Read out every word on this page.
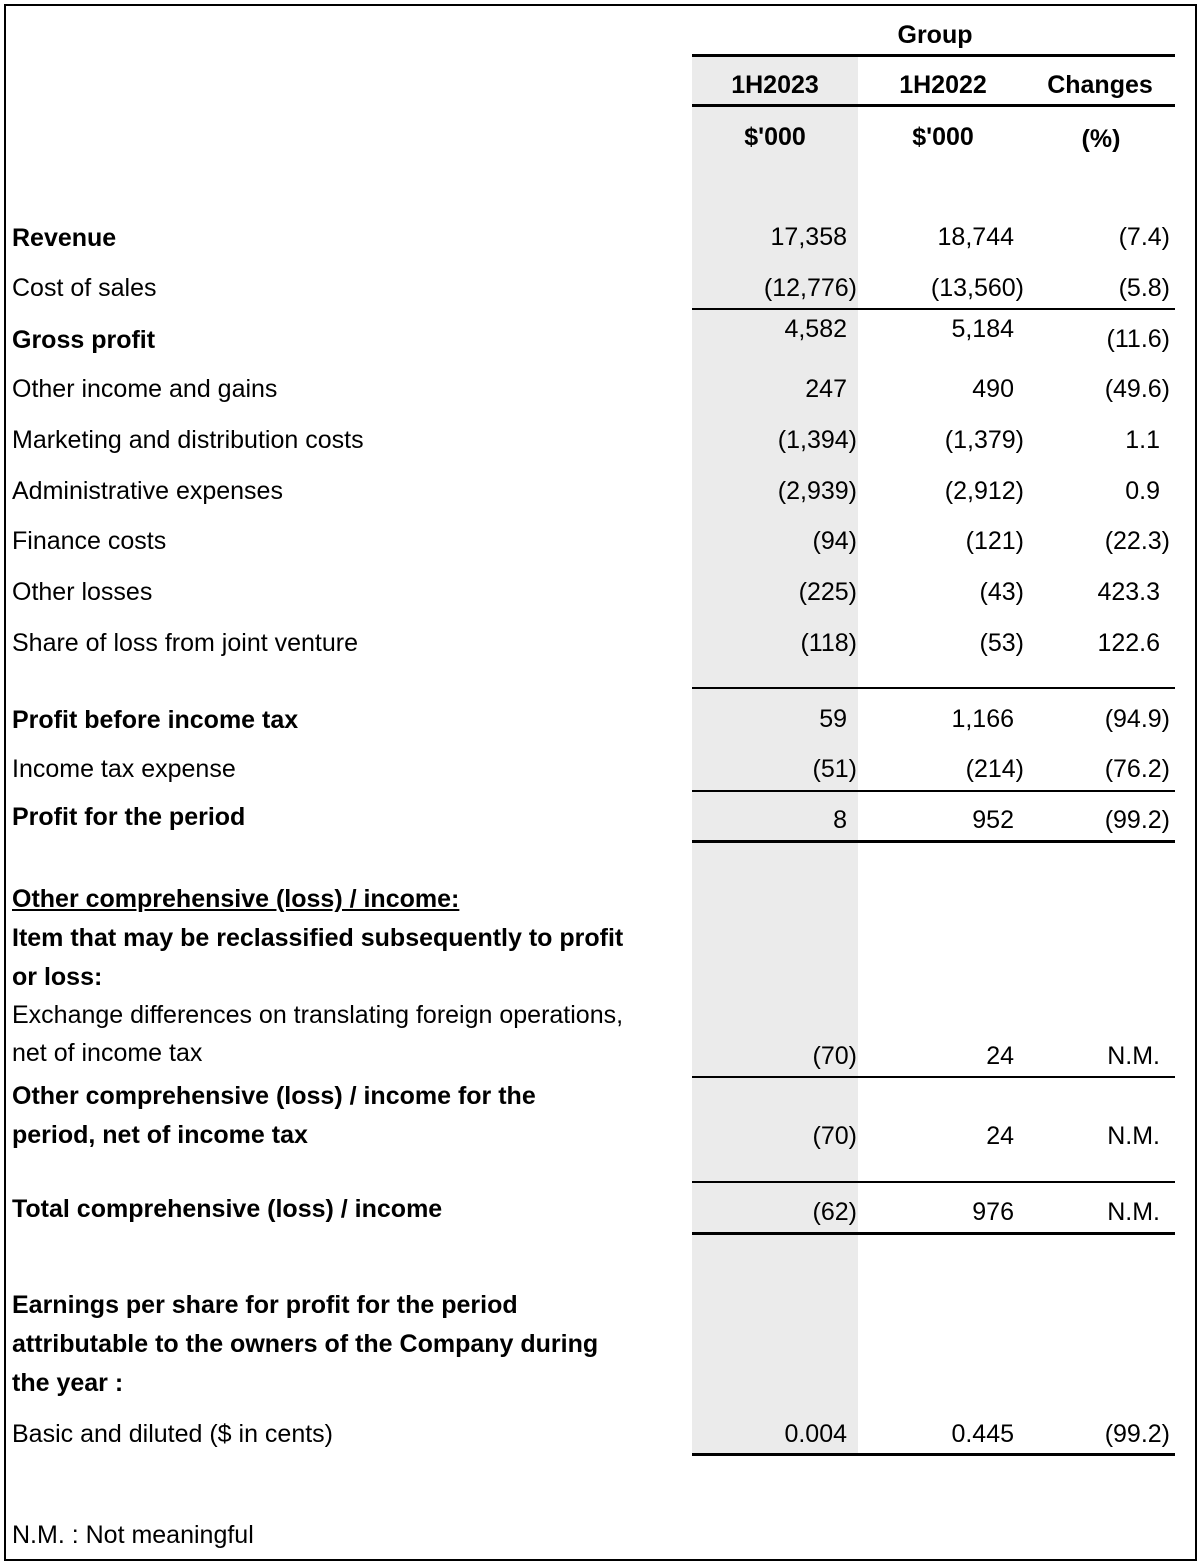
Group
1H2023	1H2022	Changes
$'000	$'000	(%)
Revenue	17,358	18,744	(7.4)
Cost of sales	(12,776)	(13,560)	(5.8)
Gross profit	4,582	5,184	(11.6)
Other income and gains	247	490	(49.6)
Marketing and distribution costs	(1,394)	(1,379)	1.1
Administrative expenses	(2,939)	(2,912)	0.9
Finance costs	(94)	(121)	(22.3)
Other losses	(225)	(43)	423.3
Share of loss from joint venture	(118)	(53)	122.6
Profit before income tax	59	1,166	(94.9)
Income tax expense	(51)	(214)	(76.2)
Profit for the period	8	952	(99.2)
Other comprehensive (loss) / income:
Item that may be reclassified subsequently to profit
or loss:
Exchange differences on translating foreign operations,
net of income tax	(70)	24	N.M.
Other comprehensive (loss) / income for the
period, net of income tax	(70)	24	N.M.
Total comprehensive (loss) / income	(62)	976	N.M.
Earnings per share for profit for the period
attributable to the owners of the Company during
the year :
Basic and diluted ($ in cents)	0.004	0.445	(99.2)
N.M. : Not meaningful
